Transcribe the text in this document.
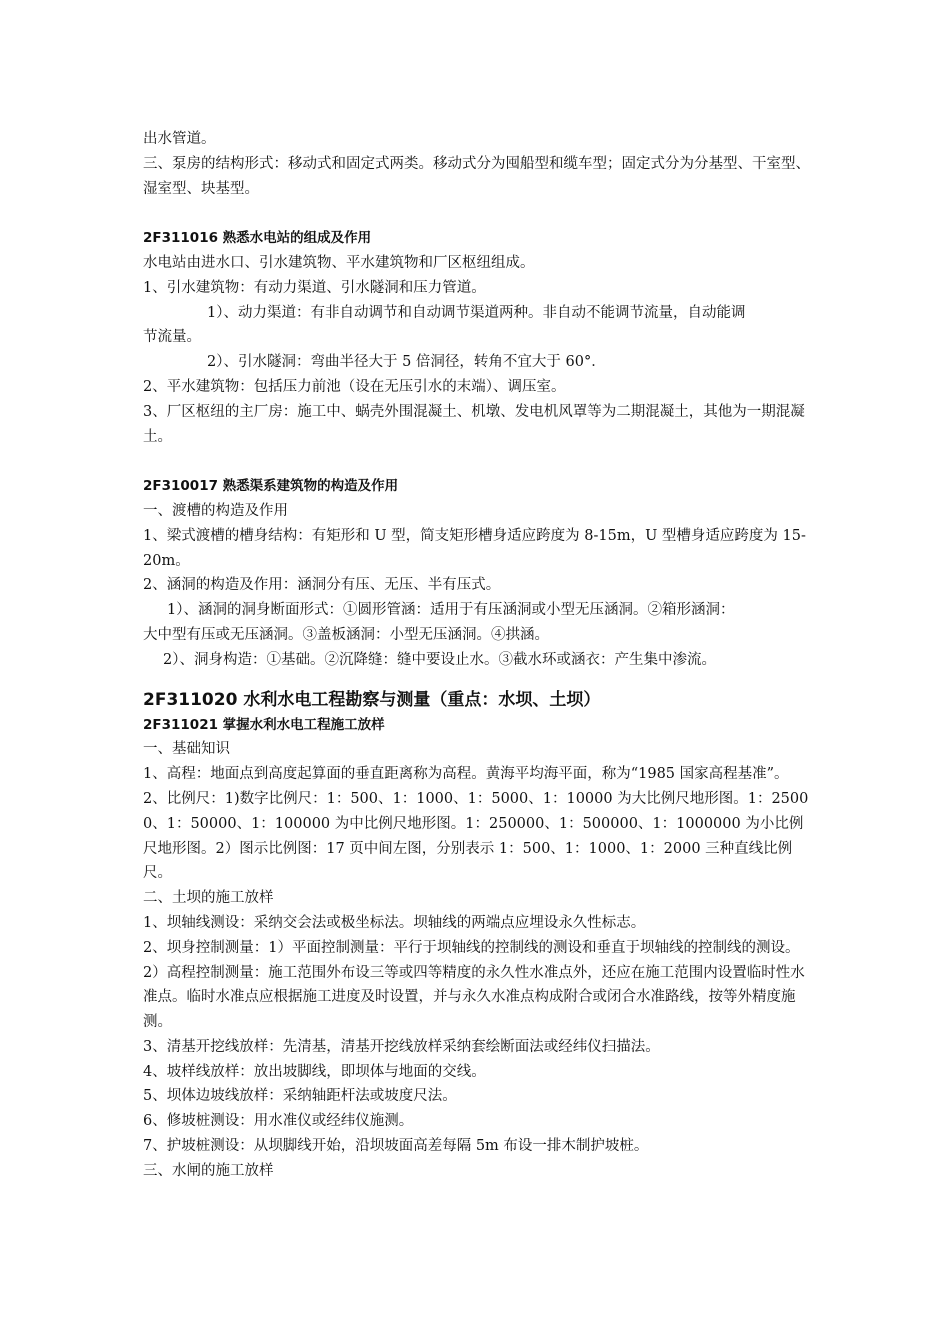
出水管道。

三、泵房的结构形式：移动式和固定式两类。移动式分为囤船型和缆车型；固定式分为分基型、干室型、湿室型、块基型。

2F311016 熟悉水电站的组成及作用

水电站由进水口、引水建筑物、平水建筑物和厂区枢纽组成。

1、引水建筑物：有动力渠道、引水隧洞和压力管道。

1）、动力渠道：有非自动调节和自动调节渠道两种。非自动不能调节流量，自动能调

节流量。

2）、引水隧洞：弯曲半径大于 5 倍洞径，转角不宜大于 60°．

2、平水建筑物：包括压力前池（设在无压引水的末端）、调压室。

3、厂区枢纽的主厂房：施工中、蜗壳外围混凝土、机墩、发电机风罩等为二期混凝土，其他为一期混凝土。

2F310017 熟悉渠系建筑物的构造及作用

一、渡槽的构造及作用

1、梁式渡槽的槽身结构：有矩形和 U 型，简支矩形槽身适应跨度为 8-15m，U 型槽身适应跨度为 15-20m。

2、涵洞的构造及作用：涵洞分有压、无压、半有压式。

1）、涵洞的洞身断面形式：①圆形管涵：适用于有压涵洞或小型无压涵洞。②箱形涵洞：

大中型有压或无压涵洞。③盖板涵洞：小型无压涵洞。④拱涵。

2）、洞身构造：①基础。②沉降缝：缝中要设止水。③截水环或涵衣：产生集中渗流。

2F311020 水利水电工程勘察与测量（重点：水坝、土坝）

2F311021 掌握水利水电工程施工放样

一、基础知识

1、高程：地面点到高度起算面的垂直距离称为高程。黄海平均海平面，称为“1985 国家高程基准”。

2、比例尺：1)数字比例尺：1：500、1：1000、1：5000、1：10000 为大比例尺地形图。1：25000、1：50000、1：100000 为中比例尺地形图。1：250000、1：500000、1：1000000 为小比例尺地形图。2）图示比例图：17 页中间左图，分别表示 1：500、1：1000、1：2000 三种直线比例尺。

二、土坝的施工放样

1、坝轴线测设：采纳交会法或极坐标法。坝轴线的两端点应埋设永久性标志。

2、坝身控制测量：1）平面控制测量：平行于坝轴线的控制线的测设和垂直于坝轴线的控制线的测设。2）高程控制测量：施工范围外布设三等或四等精度的永久性水准点外，还应在施工范围内设置临时性水准点。临时水准点应根据施工进度及时设置，并与永久水准点构成附合或闭合水准路线，按等外精度施测。

3、清基开挖线放样：先清基，清基开挖线放样采纳套绘断面法或经纬仪扫描法。

4、坡样线放样：放出坡脚线，即坝体与地面的交线。

5、坝体边坡线放样：采纳轴距杆法或坡度尺法。

6、修坡桩测设：用水准仪或经纬仪施测。

7、护坡桩测设：从坝脚线开始，沿坝坡面高差每隔 5m 布设一排木制护坡桩。

三、水闸的施工放样
